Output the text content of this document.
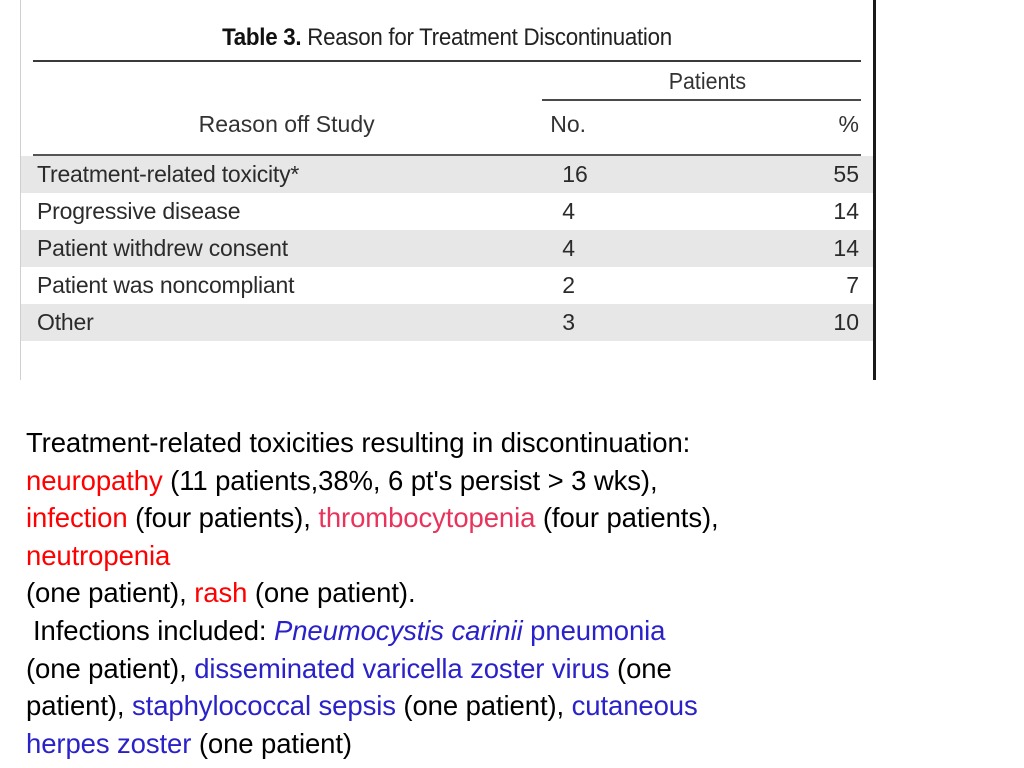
Table 3. Reason for Treatment Discontinuation
	Patients	

Reason off Study	No.	%
Treatment-related toxicity*	16	55
Progressive disease	4	14
Patient withdrew consent	4	14
Patient was noncompliant	2	7
Other	3	10
Treatment-related toxicities resulting in discontinuation:
neuropathy (11 patients,38%, 6 pt's persist > 3 wks),
infection (four patients), thrombocytopenia (four patients),
neutropenia
(one patient), rash (one patient).
Infections included: Pneumocystis carinii pneumonia
(one patient), disseminated varicella zoster virus (one
patient), staphylococcal sepsis (one patient), cutaneous
herpes zoster (one patient)
